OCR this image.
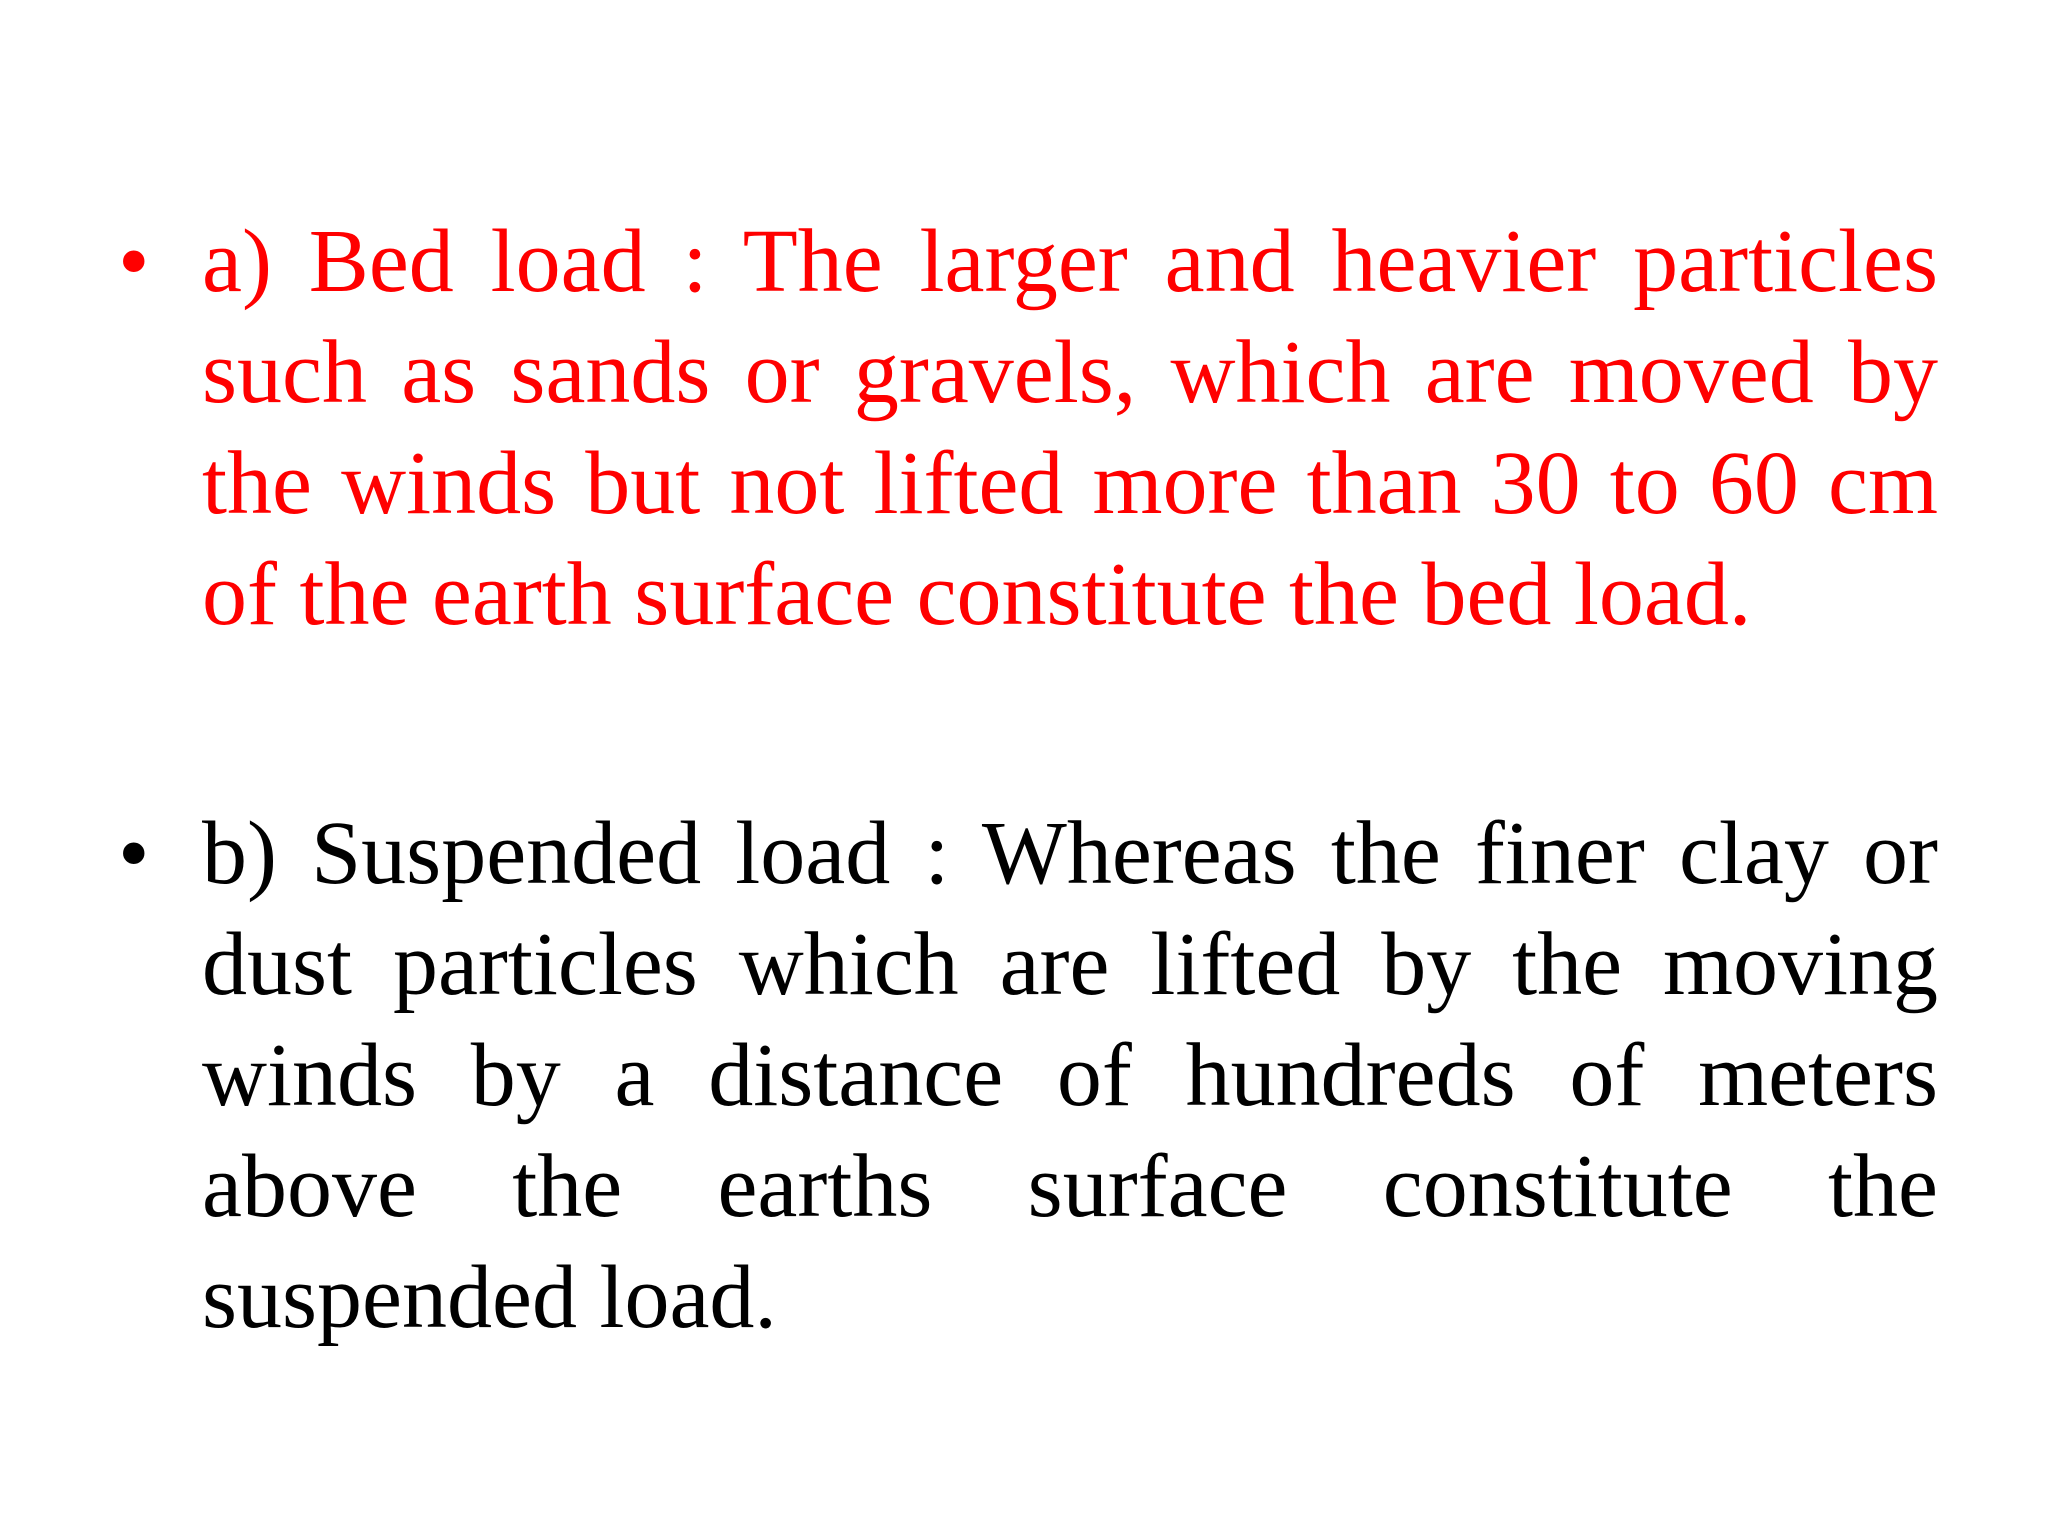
• a) Bed load : The larger and heavier particles such as sands or gravels, which are moved by the winds but not lifted more than 30 to 60 cm of the earth surface constitute the bed load.
• b) Suspended load : Whereas the finer clay or dust particles which are lifted by the moving winds by a distance of hundreds of meters above the earths surface constitute the suspended load.
